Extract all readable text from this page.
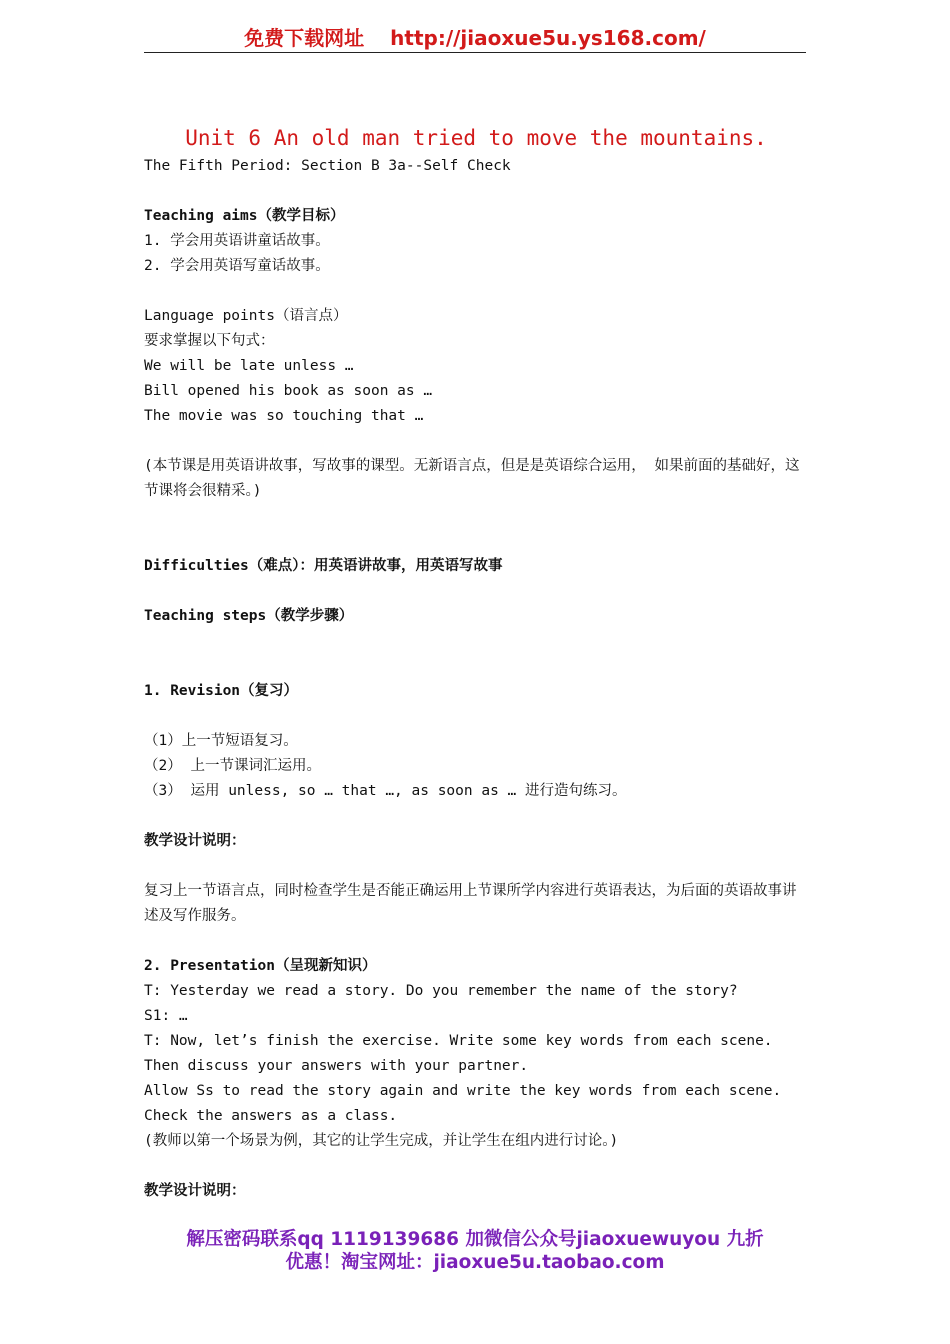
免费下载网址 http://jiaoxue5u.ys168.com/
Unit 6 An old man tried to move the mountains.
The Fifth Period: Section B 3a--Self Check
Teaching aims（教学目标）
1. 学会用英语讲童话故事。
2. 学会用英语写童话故事。
Language points（语言点）
要求掌握以下句式：
We will be late unless …
Bill opened his book as soon as …
The movie was so touching that …
(本节课是用英语讲故事，写故事的课型。无新语言点，但是是英语综合运用， 如果前面的基础好，这节课将会很精采。)
Difficulties（难点）：用英语讲故事，用英语写故事
Teaching steps（教学步骤）
1. Revision（复习）
（1）上一节短语复习。
（2） 上一节课词汇运用。
（3） 运用 unless, so … that …, as soon as … 进行造句练习。
教学设计说明：
复习上一节语言点，同时检查学生是否能正确运用上节课所学内容进行英语表达，为后面的英语故事讲述及写作服务。
2. Presentation（呈现新知识）
T: Yesterday we read a story. Do you remember the name of the story?
S1: …
T: Now, let’s finish the exercise. Write some key words from each scene. Then discuss your answers with your partner.
Allow Ss to read the story again and write the key words from each scene.
Check the answers as a class.
(教师以第一个场景为例，其它的让学生完成，并让学生在组内进行讨论。)
教学设计说明：
解压密码联系qq 1119139686 加微信公众号jiaoxuewuyou 九折
优惠！淘宝网址：jiaoxue5u.taobao.com
